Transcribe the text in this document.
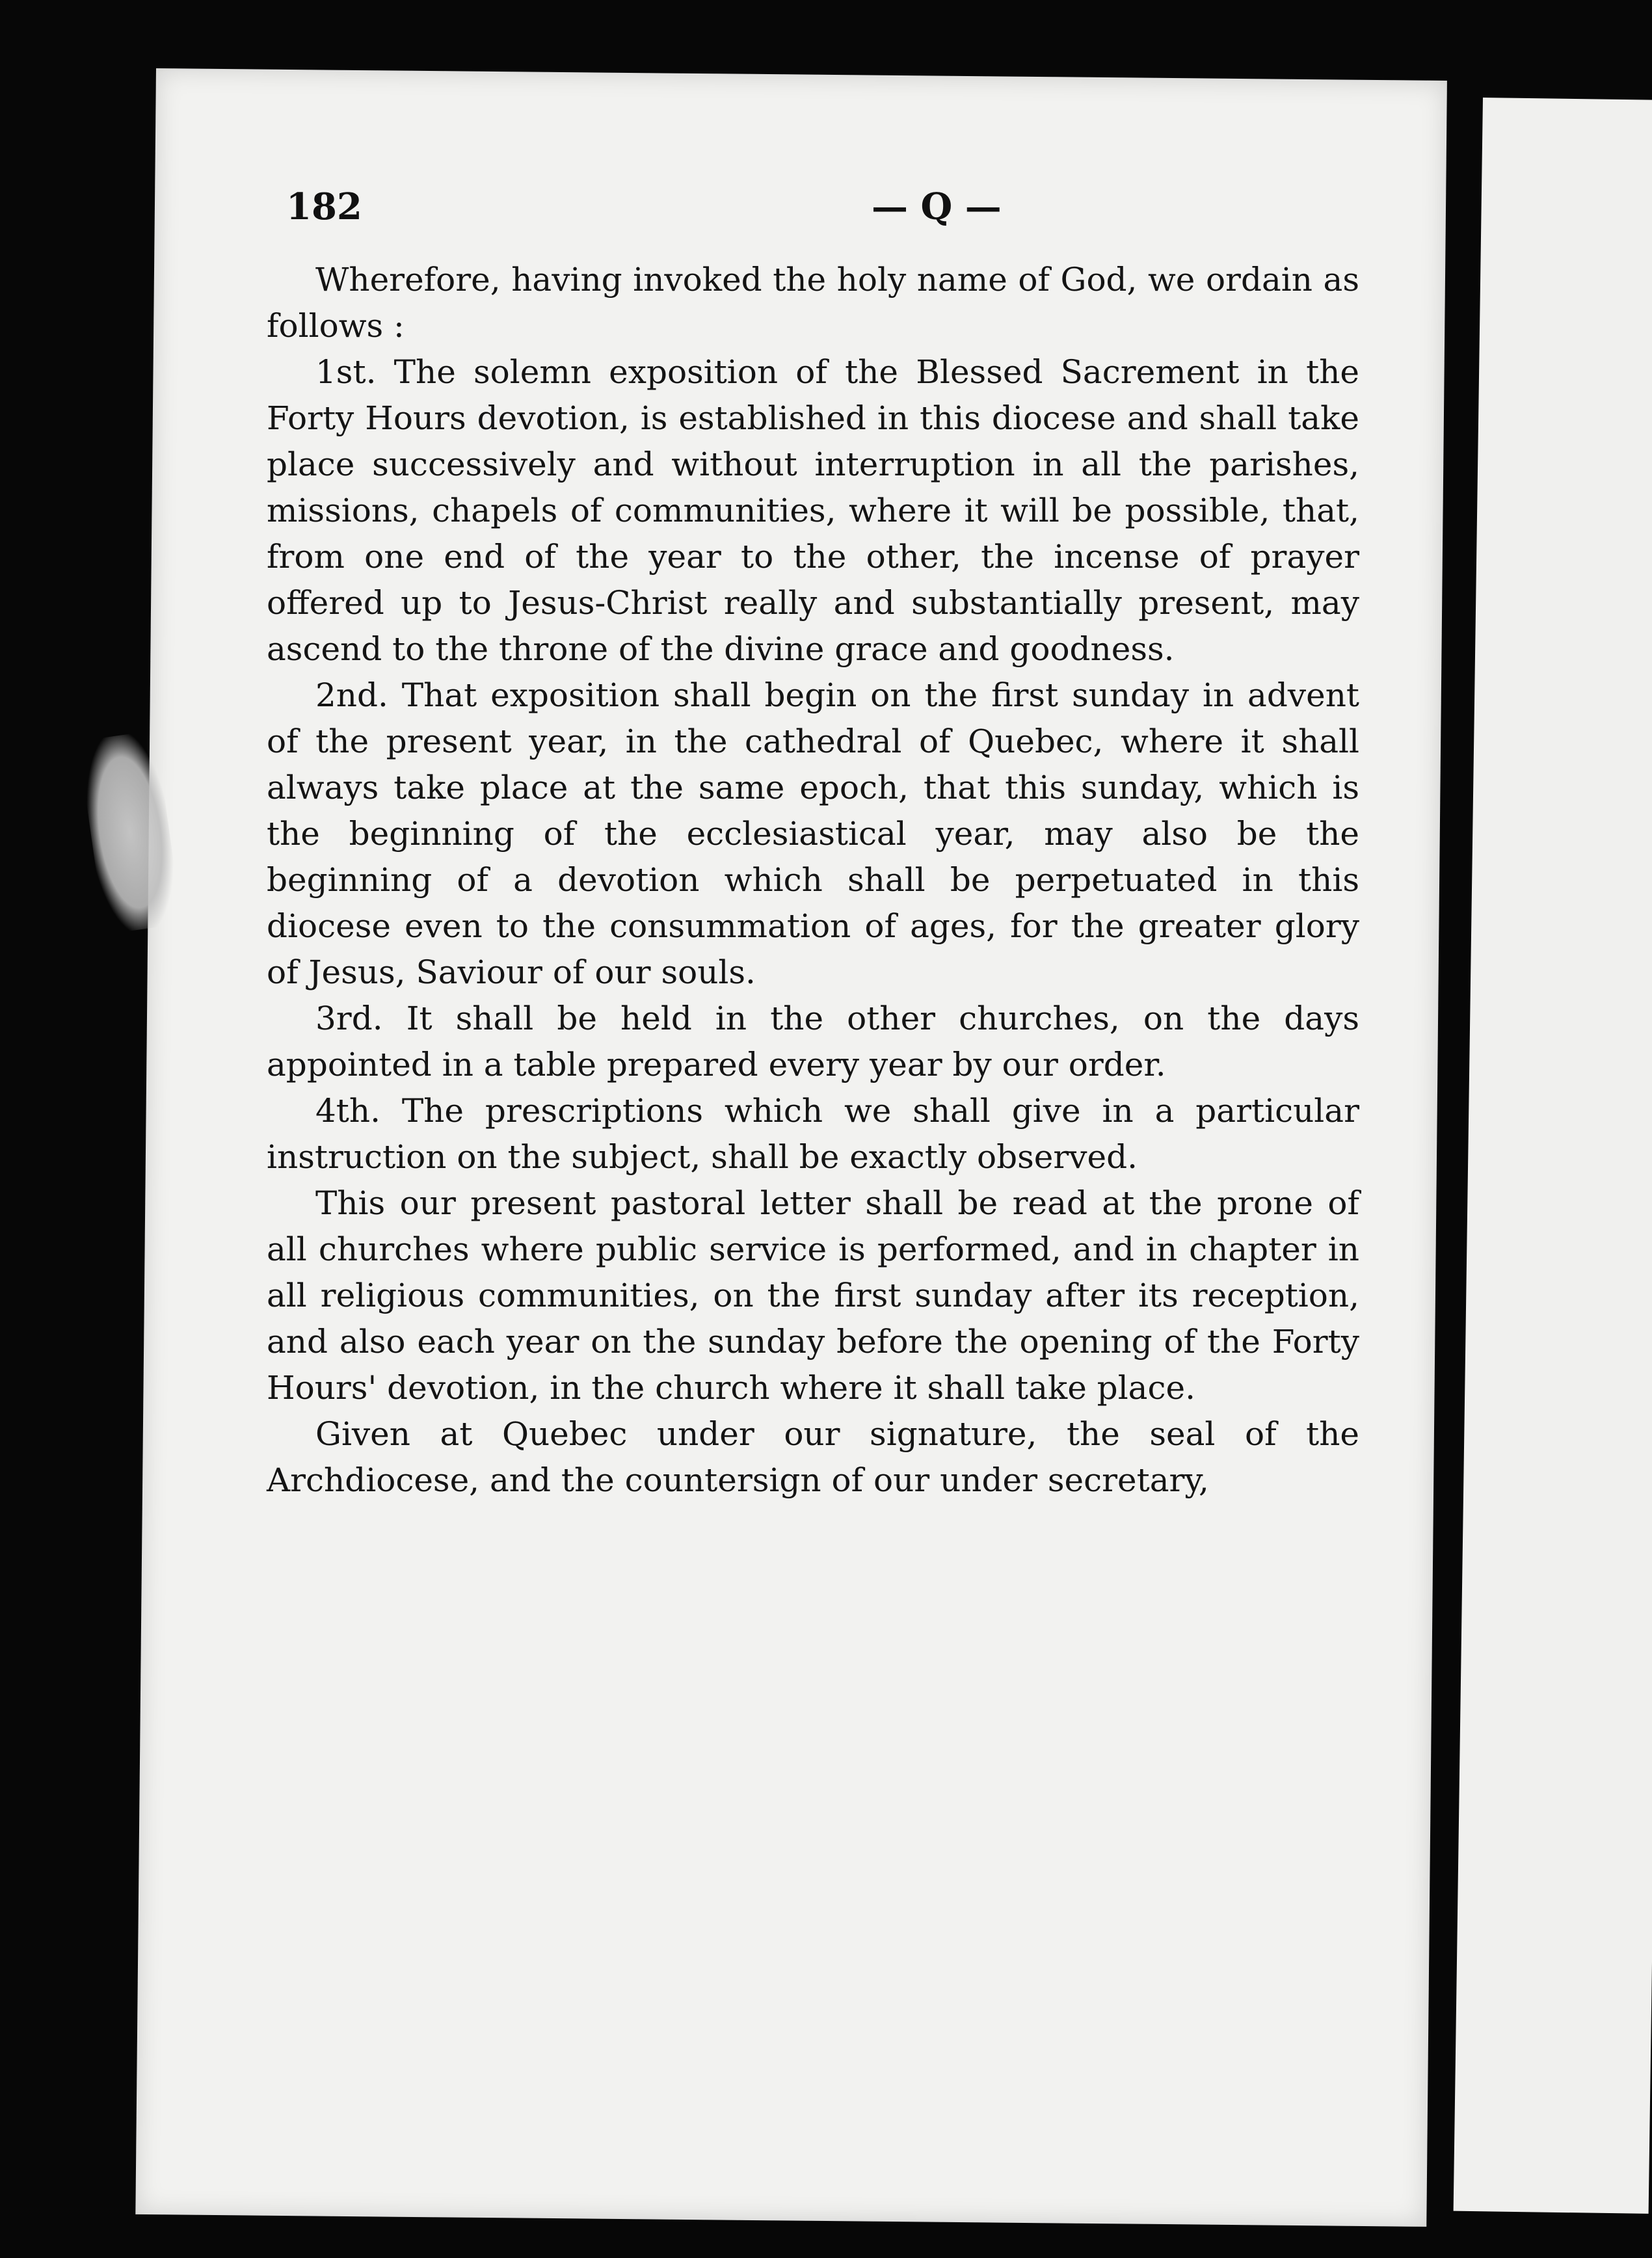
182	— Q —

Wherefore, having invoked the holy name of God, we ordain as follows :

1st. The solemn exposition of the Blessed Sacrement in the Forty Hours devotion, is established in this diocese and shall take place successively and without interruption in all the parishes, missions, chapels of communities, where it will be possible, that, from one end of the year to the other, the incense of prayer offered up to Jesus-Christ really and substantially present, may ascend to the throne of the divine grace and goodness.

2nd. That exposition shall begin on the first sunday in advent of the present year, in the cathedral of Quebec, where it shall always take place at the same epoch, that this sunday, which is the beginning of the ecclesiastical year, may also be the beginning of a devotion which shall be perpetuated in this diocese even to the consummation of ages, for the greater glory of Jesus, Saviour of our souls.

3rd. It shall be held in the other churches, on the days appointed in a table prepared every year by our order.

4th. The prescriptions which we shall give in a particular instruction on the subject, shall be exactly observed.

This our present pastoral letter shall be read at the prone of all churches where public service is performed, and in chapter in all religious communities, on the first sunday after its reception, and also each year on the sunday before the opening of the Forty Hours' devotion, in the church where it shall take place.

Given at Quebec under our signature, the seal of the Archdiocese, and the countersign of our under secretary,
